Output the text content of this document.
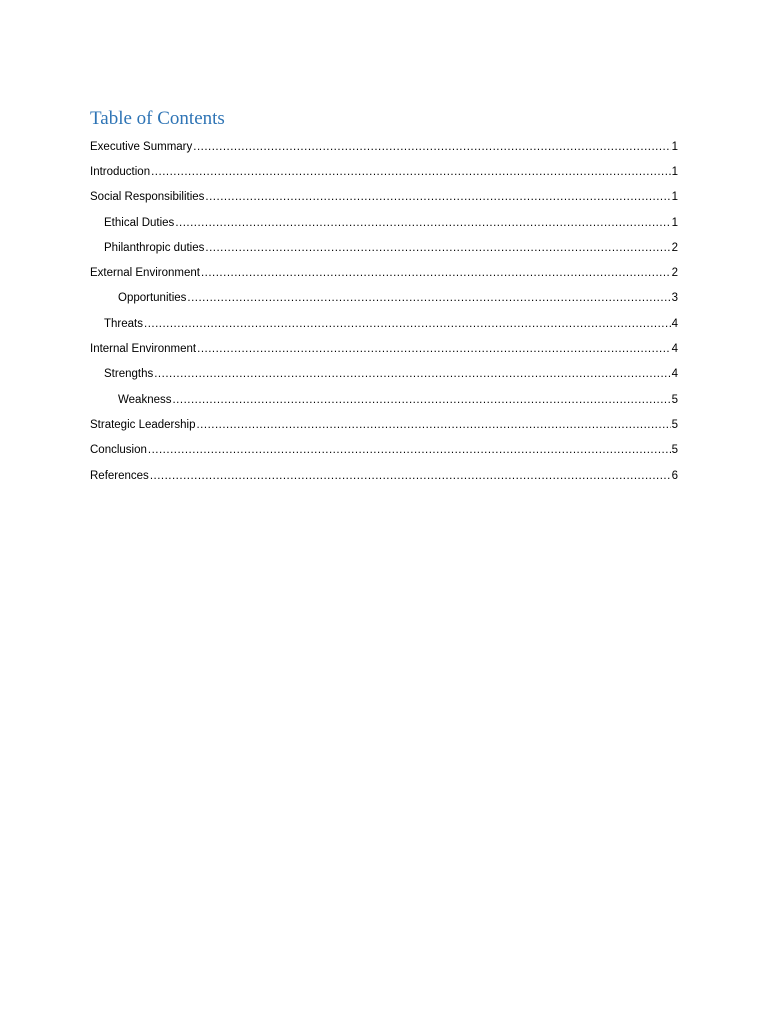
Table of Contents
Executive Summary .....	1
Introduction .....	1
Social Responsibilities .....	1
Ethical Duties .....	1
Philanthropic duties .....	2
External Environment .....	2
Opportunities .....	3
Threats .....	4
Internal Environment .....	4
Strengths .....	4
Weakness .....	5
Strategic Leadership .....	5
Conclusion .....	5
References .....	6
